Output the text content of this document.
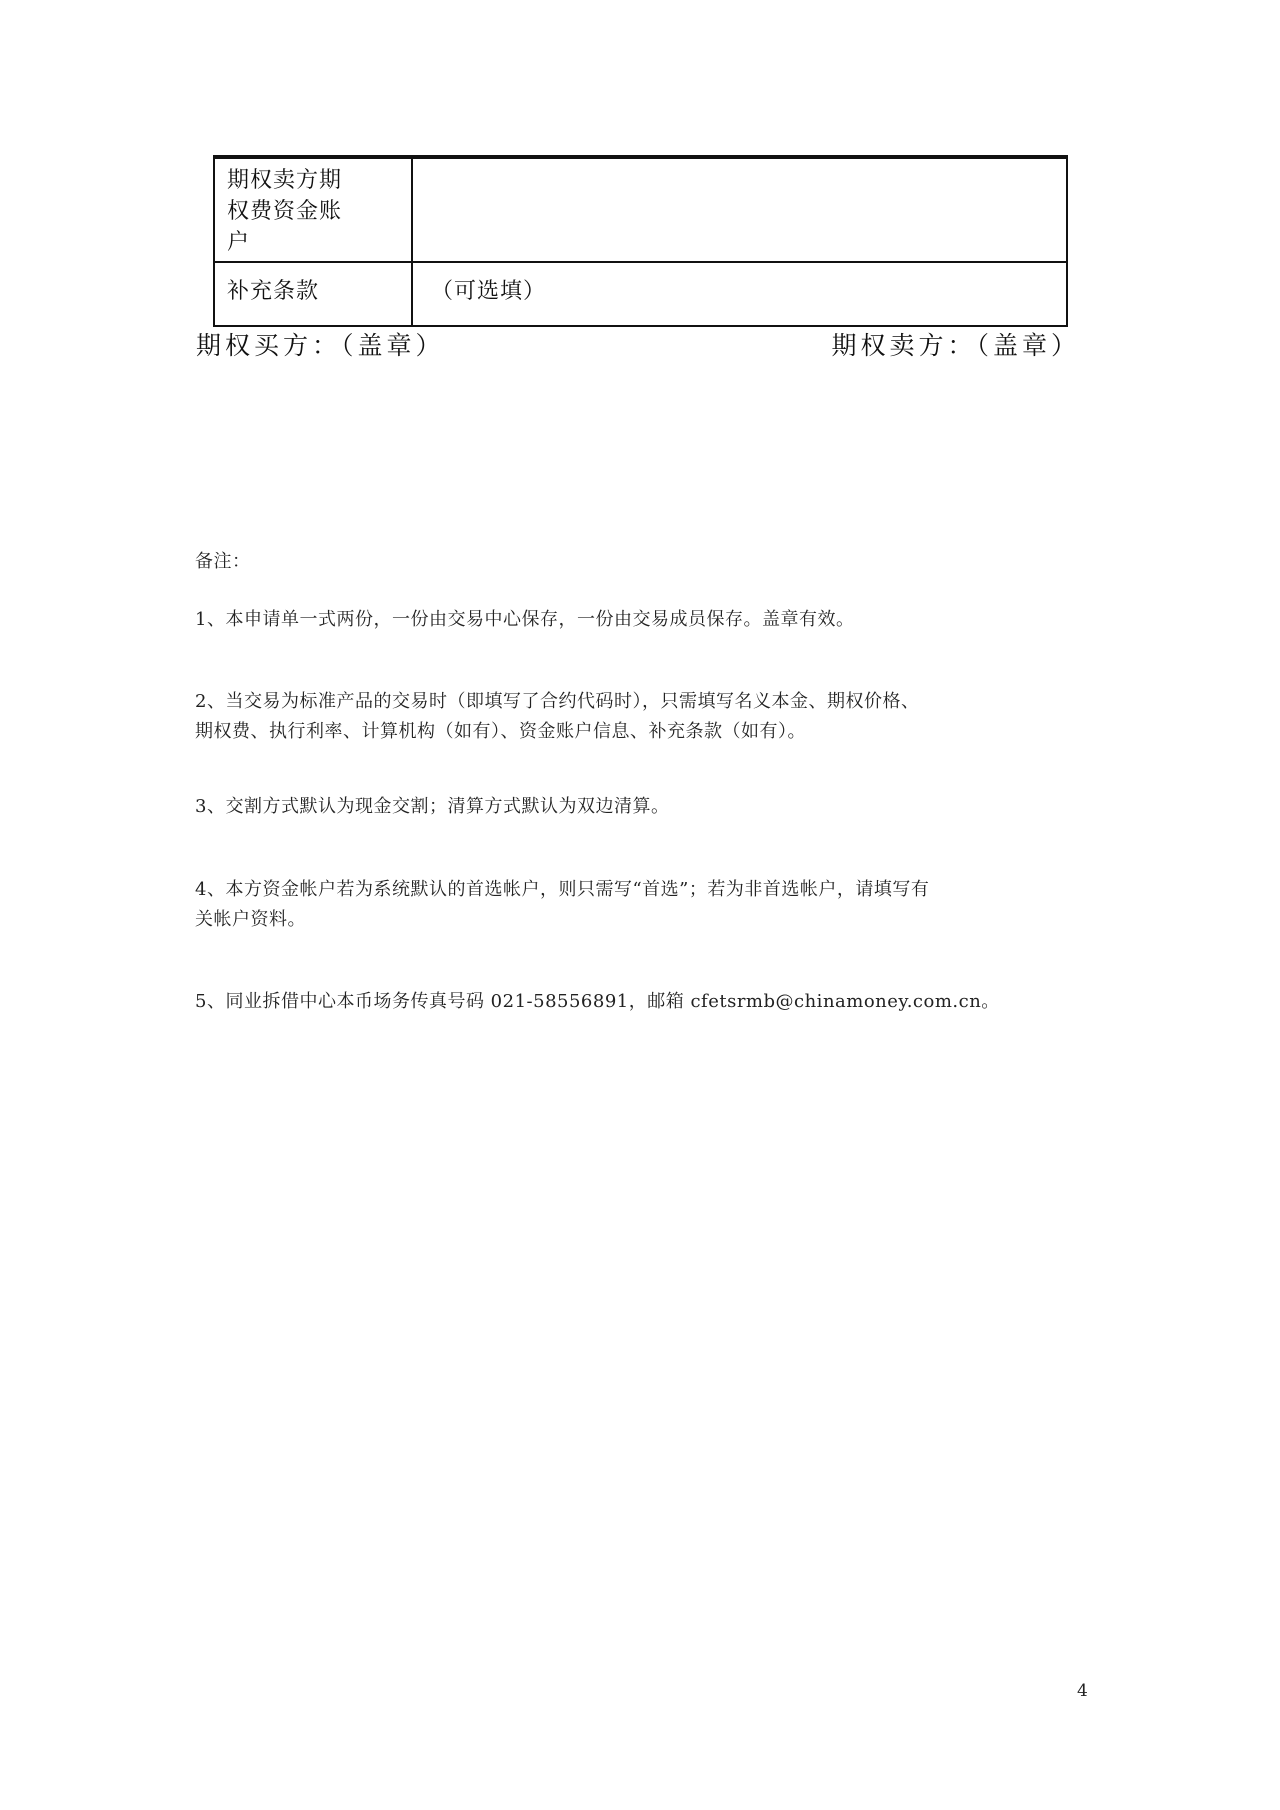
期权卖方期
权费资金账
户	

补充条款	（可选填）
期权买方：（盖章）	期权卖方：（盖章）
备注：
1、本申请单一式两份，一份由交易中心保存，一份由交易成员保存。盖章有效。
2、当交易为标准产品的交易时（即填写了合约代码时），只需填写名义本金、期权价格、
期权费、执行利率、计算机构（如有）、资金账户信息、补充条款（如有）。
3、交割方式默认为现金交割；清算方式默认为双边清算。
4、本方资金帐户若为系统默认的首选帐户，则只需写“首选”；若为非首选帐户，请填写有
关帐户资料。
5、同业拆借中心本币场务传真号码 021-58556891，邮箱 cfetsrmb@chinamoney.com.cn。
4
